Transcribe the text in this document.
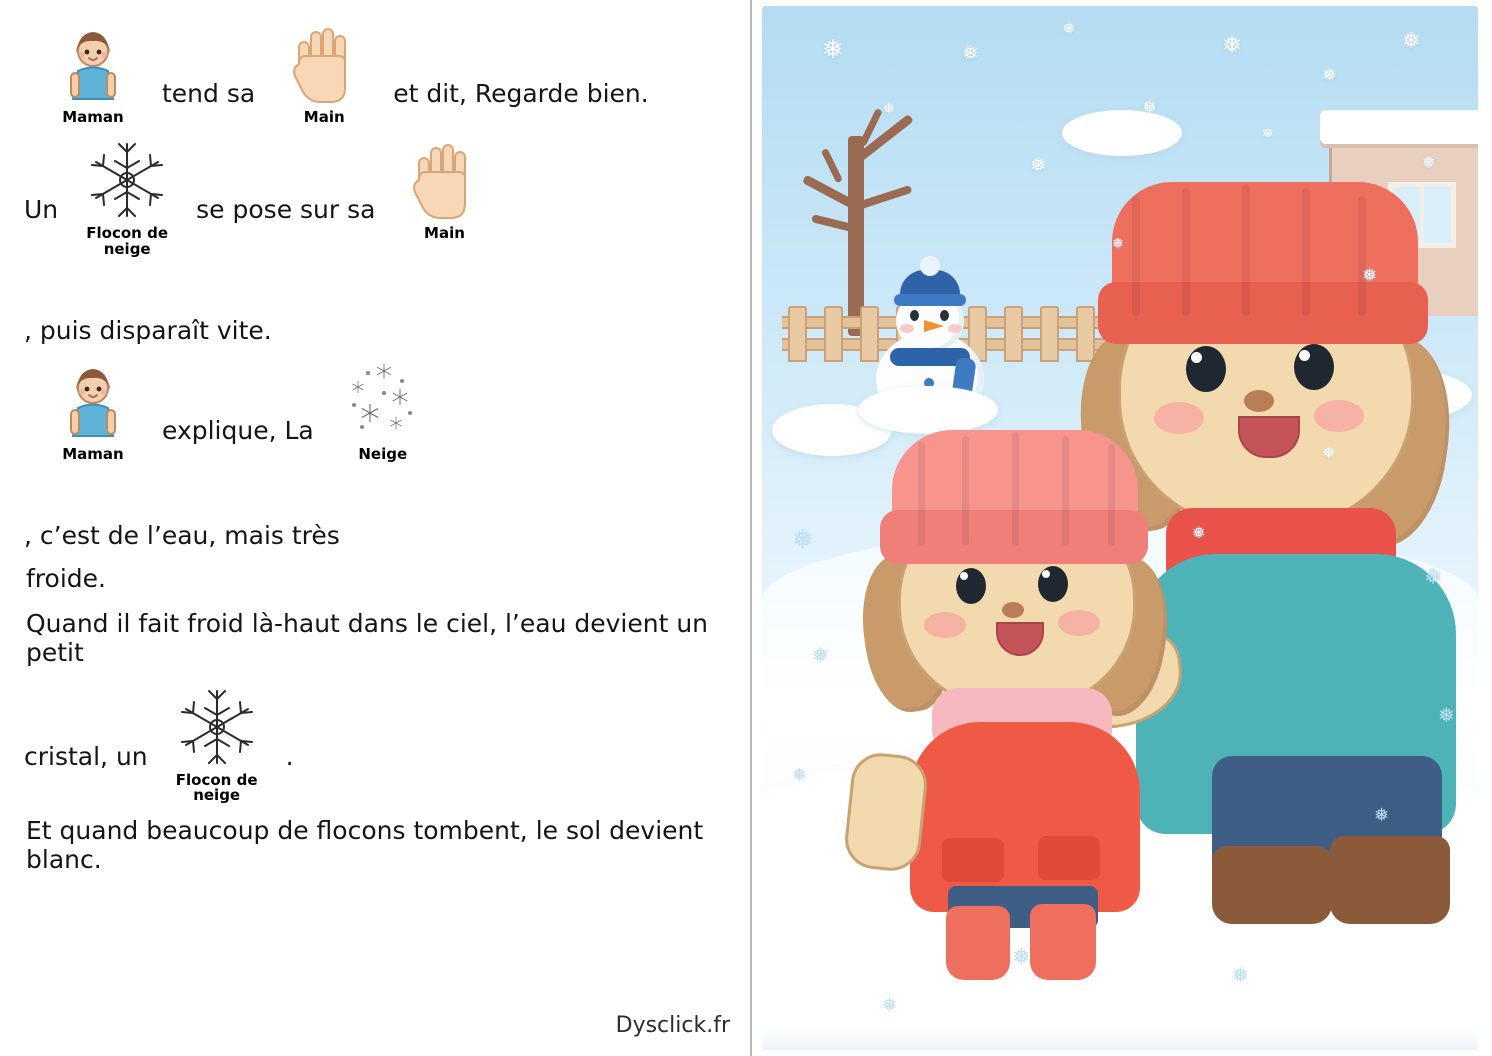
Maman
tend sa
Main
et dit, Regarde bien.
Un
Flocon de neige
se pose sur sa
Main
, puis disparaît vite.
Maman
explique, La
Neige
, c’est de l’eau, mais très

froide.

Quand il fait froid là-haut dans le ciel, l’eau devient un petit

cristal, un
Flocon de neige
.

Et quand beaucoup de flocons tombent, le sol devient blanc.

Dysclick.fr
❅	❅
❅
❅
❅
❅
❅	❅
❅
❅	❅
❅
❅
❅
❅
❅
❅
❅
❅
❅
❅
❅
❅
❅
